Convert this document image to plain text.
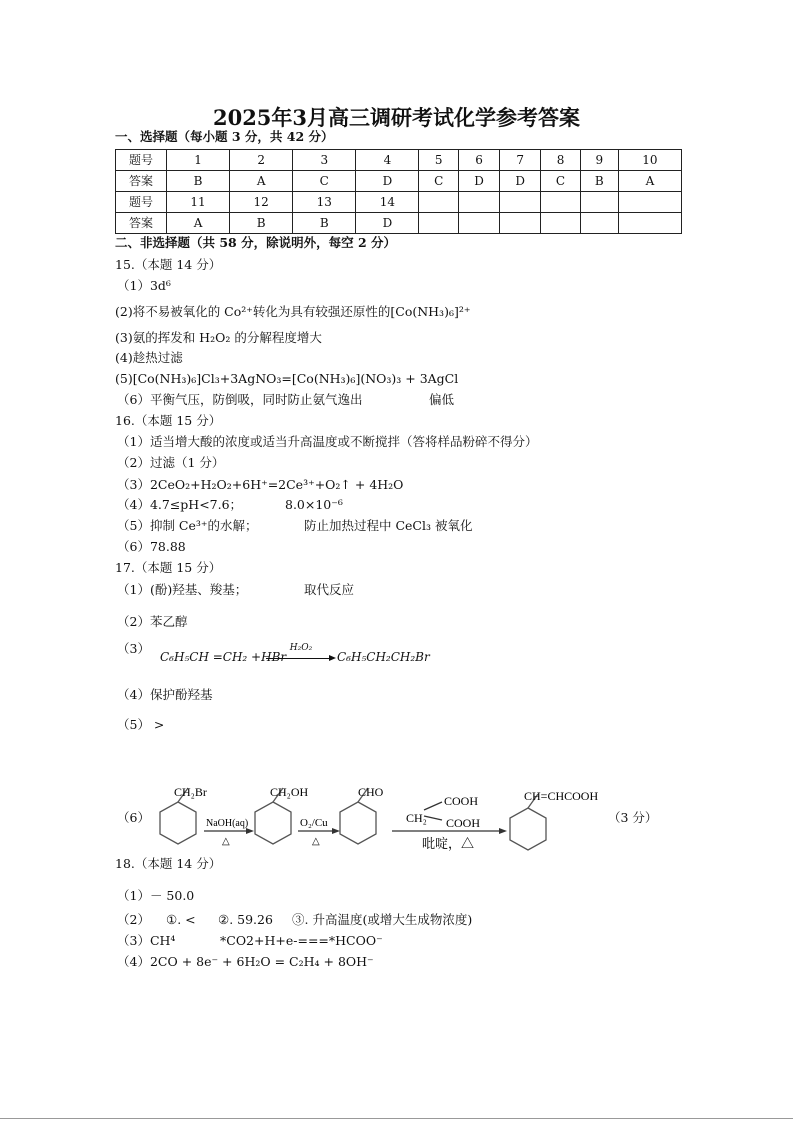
2025年3月高三调研考试化学参考答案
一、选择题（每小题 3 分，共 42 分）
题号	1	2	3	4	5	6	7	8	9	10
答案	B	A	C	D	C	D	D	C	B	A
题号	11	12	13	14						
答案	A	B	B	D						
二、非选择题（共 58 分，除说明外，每空 2 分）
15.（本题 14 分）
（1）3d⁶
(2)将不易被氧化的 Co²⁺转化为具有较强还原性的[Co(NH₃)₆]²⁺
(3)氨的挥发和 H₂O₂ 的分解程度增大
(4)趁热过滤
(5)[Co(NH₃)₆]Cl₃+3AgNO₃=[Co(NH₃)₆](NO₃)₃ + 3AgCl
（6）平衡气压，防倒吸，同时防止氨气逸出	偏低
16.（本题 15 分）
（1）适当增大酸的浓度或适当升高温度或不断搅拌（答将样品粉碎不得分）
（2）过滤（1 分）
（3）2CeO₂+H₂O₂+6H⁺=2Ce³⁺+O₂↑ + 4H₂O
（4）4.7≤pH<7.6；	8.0×10⁻⁶
（5）抑制 Ce³⁺的水解；	防止加热过程中 CeCl₃ 被氧化
（6）78.88
17.（本题 15 分）
（1）(酚)羟基、羧基；	取代反应
（2）苯乙醇
（3）
C₆H₅CH =CH₂ +HBr
H₂O₂
C₆H₅CH₂CH₂Br
（4）保护酚羟基
（5） >
（6）
CH₂Br
NaOH(aq)
△
CH₂OH
O₂/Cu
△
CHO
CH₂
COOH
COOH
吡啶，△
CH=CHCOOH
（3 分）
18.（本题 14 分）
（1）－ 50.0
（2） ①. < ②. 59.26 ③. 升高温度(或增大生成物浓度)
（3）CH⁴	*CO2+H+e-===*HCOO⁻
（4）2CO + 8e⁻ + 6H₂O = C₂H₄ + 8OH⁻
